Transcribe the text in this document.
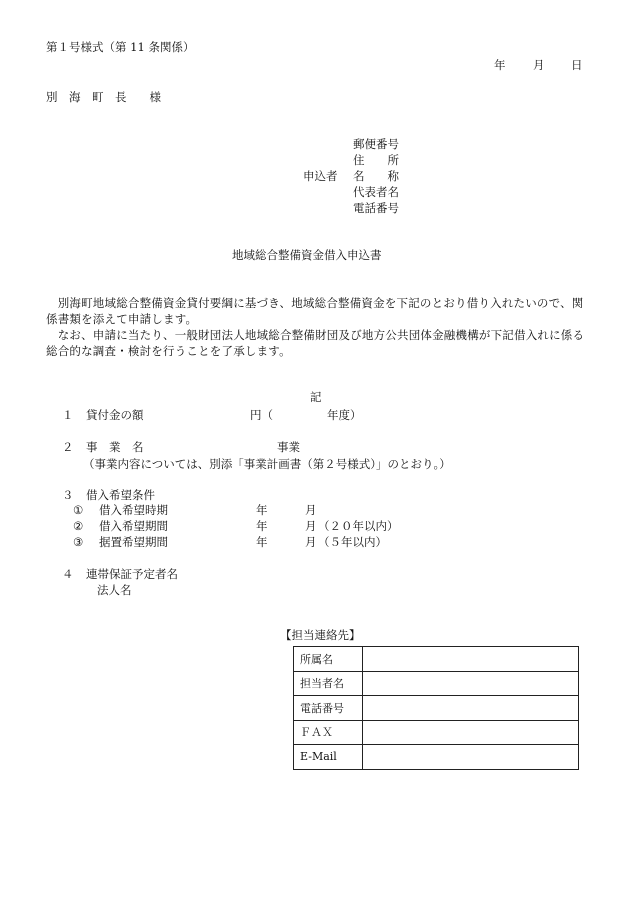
第１号様式（第 11 条関係）
年 月 日
別　海　町　長　　様
郵便番号
住　　所
申込者 名　　称
代表者名
電話番号
地域総合整備資金借入申込書
　別海町地域総合整備資金貸付要綱に基づき、地域総合整備資金を下記のとおり借り入れたいので、関係書類を添えて申請します。
　なお、申請に当たり、一般財団法人地域総合整備財団及び地方公共団体金融機構が下記借入れに係る総合的な調査・検討を行うことを了承します。
記
１ 貸付金の額	円（	年度）
２ 事　業　名	事業
（事業内容については、別添「事業計画書（第２号様式）」のとおり。）
３ 借入希望条件
① 借入希望時期	年	月
② 借入希望期間	年	月 （２０年以内）
③ 据置希望期間	年	月 （５年以内）
４ 連帯保証予定者名
法人名
【担当連絡先】
所属名	
担当者名	
電話番号	
ＦＡＸ	
E-Mail	
